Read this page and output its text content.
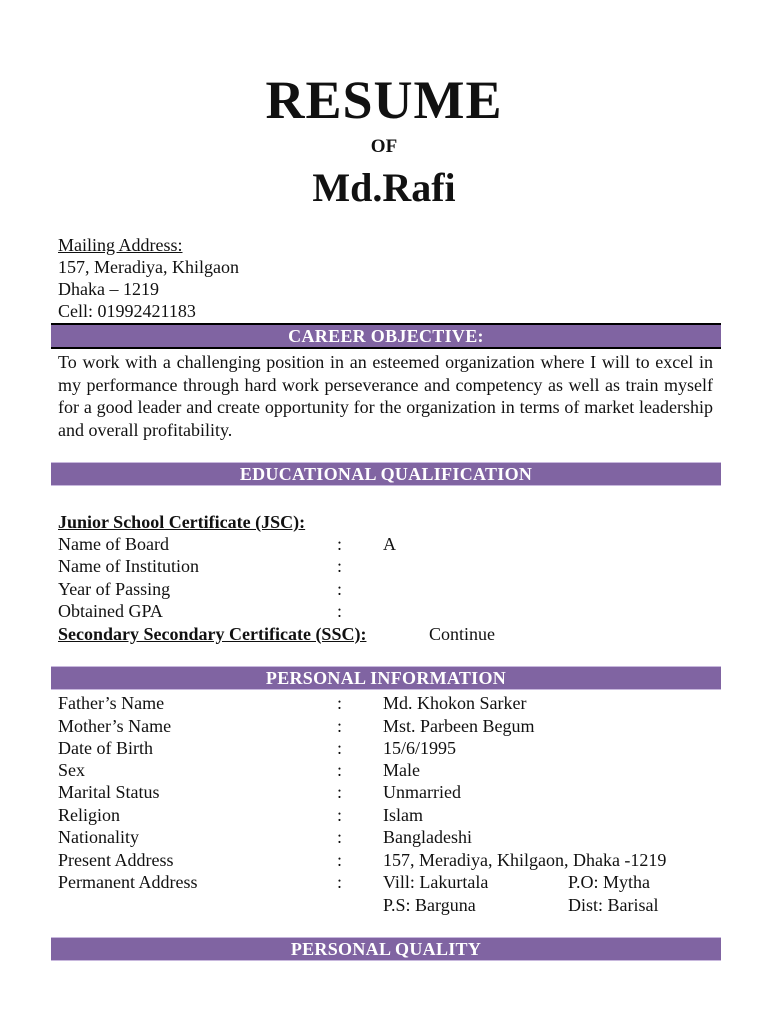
RESUME
OF
Md.Rafi
Mailing Address:
157, Meradiya, Khilgaon
Dhaka – 1219
Cell: 01992421183
CAREER OBJECTIVE:
To work with a challenging position in an esteemed organization where I will to excel in my performance through hard work perseverance and competency as well as train myself for a good leader and create opportunity for the organization in terms of market leadership and overall profitability.
EDUCATIONAL QUALIFICATION
Junior School Certificate (JSC):
Name of Board	: A
Name of Institution	:
Year of Passing	:
Obtained GPA	:
Secondary Secondary Certificate (SSC):	Continue
PERSONAL INFORMATION
Father’s Name	: Md. Khokon Sarker
Mother’s Name	: Mst. Parbeen Begum
Date of Birth	: 15/6/1995
Sex	: Male
Marital Status	: Unmarried
Religion	: Islam
Nationality	: Bangladeshi
Present Address	: 157, Meradiya, Khilgaon, Dhaka -1219
Permanent Address	: Vill: Lakurtala	P.O: Mytha
P.S: Barguna	Dist: Barisal
PERSONAL QUALITY
